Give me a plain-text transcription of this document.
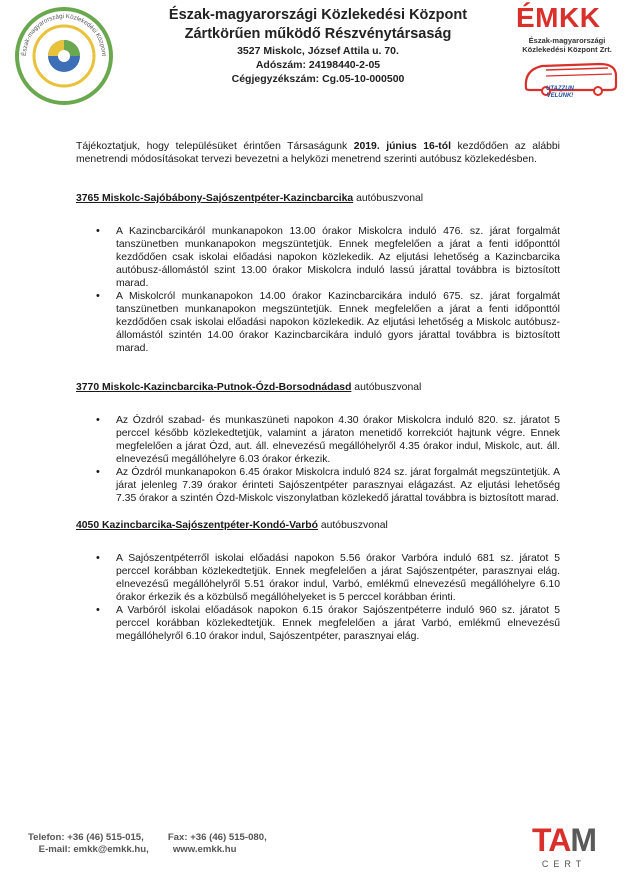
Észak-magyarországi Közlekedési Központ
Észak-magyarországi Közlekedési Központ
Zártkörűen működő Részvénytársaság
3527 Miskolc, József Attila u. 70.
Adószám: 24198440-2-05
Cégjegyzékszám: Cg.05-10-000500
ÉMKK
Észak-magyarországi
Közlekedési Központ Zrt.
UTAZZUN
VELÜNK!

Tájékoztatjuk, hogy településüket érintően Társaságunk 2019. június 16-tól kezdődően az alábbi menetrendi módosításokat tervezi bevezetni a helyközi menetrend szerinti autóbusz közlekedésben.

3765 Miskolc-Sajóbábony-Sajószentpéter-Kazincbarcika autóbuszvonal
• A Kazincbarcikáról munkanapokon 13.00 órakor Miskolcra induló 476. sz. járat forgalmát tanszünetben munkanapokon megszüntetjük. Ennek megfelelően a járat a fenti időponttól kezdődően csak iskolai előadási napokon közlekedik. Az eljutási lehetőség a Kazincbarcika autóbusz-állomástól szint 13.00 órakor Miskolcra induló lassú járattal továbbra is biztosított marad.
• A Miskolcról munkanapokon 14.00 órakor Kazincbarcikára induló 675. sz. járat forgalmát tanszünetben munkanapokon megszüntetjük. Ennek megfelelően a járat a fenti időponttól kezdődően csak iskolai előadási napokon közlekedik. Az eljutási lehetőség a Miskolc autóbusz-állomástól szintén 14.00 órakor Kazincbarcikára induló gyors járattal továbbra is biztosított marad.
3770 Miskolc-Kazincbarcika-Putnok-Ózd-Borsodnádasd autóbuszvonal
• Az Ózdról szabad- és munkaszüneti napokon 4.30 órakor Miskolcra induló 820. sz. járatot 5 perccel később közlekedtetjük, valamint a járaton menetidő korrekciót hajtunk végre. Ennek megfelelően a járat Ózd, aut. áll. elnevezésű megállóhelyről 4.35 órakor indul, Miskolc, aut. áll. elnevezésű megállóhelyre 6.03 órakor érkezik.
• Az Ózdról munkanapokon 6.45 órakor Miskolcra induló 824 sz. járat forgalmát megszüntetjük. A járat jelenleg 7.39 órakor érinteti Sajószentpéter parasznyai elágazást. Az eljutási lehetőség 7.35 órakor a szintén Ózd-Miskolc viszonylatban közlekedő járattal továbbra is biztosított marad.
4050 Kazincbarcika-Sajószentpéter-Kondó-Varbó autóbuszvonal
• A Sajószentpéterről iskolai előadási napokon 5.56 órakor Varbóra induló 681 sz. járatot 5 perccel korábban közlekedtetjük. Ennek megfelelően a járat Sajószentpéter, parasznyai elág. elnevezésű megállóhelyről 5.51 órakor indul, Varbó, emlékmű elnevezésű megállóhelyre 6.10 órakor érkezik és a közbülső megállóhelyeket is 5 perccel korábban érinti.
• A Varbóról iskolai előadások napokon 6.15 órakor Sajószentpéterre induló 960 sz. járatot 5 perccel korábban közlekedtetjük. Ennek megfelelően a járat Varbó, emlékmű elnevezésű megállóhelyről 6.10 órakor indul, Sajószentpéter, parasznyai elág.
Telefon: +36 (46) 515-015,	Fax: +36 (46) 515-080,
E-mail: emkk@emkk.hu,	www.emkk.hu	TAM
CERT
